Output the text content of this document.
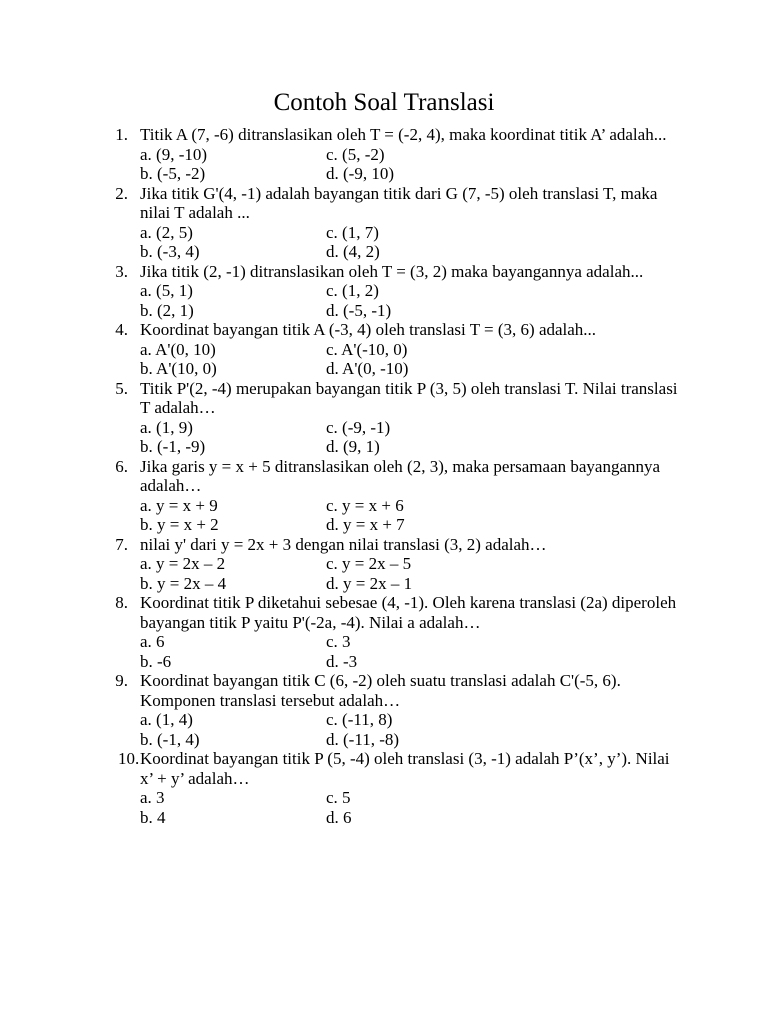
Contoh Soal Translasi
1. Titik A (7, -6) ditranslasikan oleh T = (-2, 4), maka koordinat titik A’ adalah...
a. (9, -10)
b. (-5, -2)
c. (5, -2)
d. (-9, 10)
2. Jika titik G'(4, -1) adalah bayangan titik dari G (7, -5) oleh translasi T, maka nilai T adalah ...
a. (2, 5)
b. (-3, 4)
c. (1, 7)
d. (4, 2)
3. Jika titik (2, -1) ditranslasikan oleh T = (3, 2) maka bayangannya adalah...
a. (5, 1)
b. (2, 1)
c. (1, 2)
d. (-5, -1)
4. Koordinat bayangan titik A (-3, 4) oleh translasi T = (3, 6) adalah...
a. A'(0, 10)
b. A'(10, 0)
c. A'(-10, 0)
d. A'(0, -10)
5. Titik P'(2, -4) merupakan bayangan titik P (3, 5) oleh translasi T. Nilai translasi T adalah…
a. (1, 9)
b. (-1, -9)
c. (-9, -1)
d. (9, 1)
6. Jika garis y = x + 5 ditranslasikan oleh (2, 3), maka persamaan bayangannya adalah…
a. y = x + 9
b. y = x + 2
c. y = x + 6
d. y = x + 7
7. nilai y' dari y = 2x + 3 dengan nilai translasi (3, 2) adalah…
a. y = 2x – 2
b. y = 2x – 4
c. y = 2x – 5
d. y = 2x – 1
8. Koordinat titik P diketahui sebesae (4, -1). Oleh karena translasi (2a) diperoleh bayangan titik P yaitu P'(-2a, -4). Nilai a adalah…
a. 6
b. -6
c. 3
d. -3
9. Koordinat bayangan titik C (6, -2) oleh suatu translasi adalah C'(-5, 6). Komponen translasi tersebut adalah…
a. (1, 4)
b. (-1, 4)
c. (-11, 8)
d. (-11, -8)
10. Koordinat bayangan titik P (5, -4) oleh translasi (3, -1) adalah P’(x’, y’). Nilai x’ + y’ adalah…
a. 3
b. 4
c. 5
d. 6
